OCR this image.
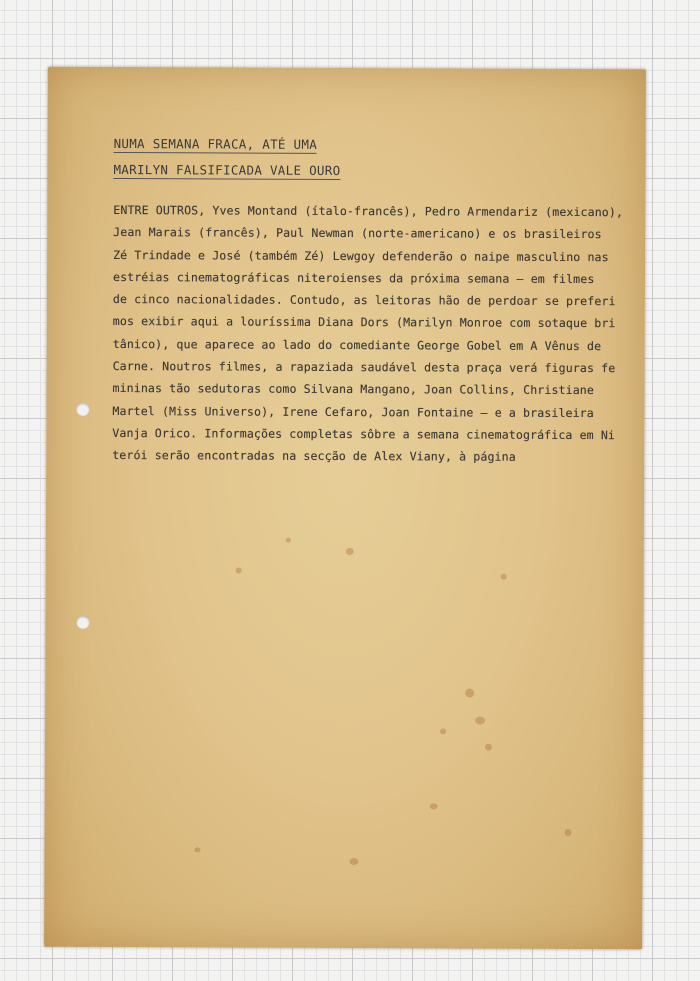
NUMA SEMANA FRACA, ATÉ UMA
MARILYN FALSIFICADA VALE OURO
ENTRE OUTROS, Yves Montand (ítalo-francês), Pedro Armendariz (mexicano),
Jean Marais (francês), Paul Newman (norte-americano) e os brasileiros
Zé Trindade e José (também Zé) Lewgoy defenderão o naipe masculino nas
estréias cinematográficas niteroienses da próxima semana — em filmes
de cinco nacionalidades. Contudo, as leitoras hão de perdoar se preferi
mos exibir aqui a louríssima Diana Dors (Marilyn Monroe com sotaque bri
tânico), que aparece ao lado do comediante George Gobel em A Vênus de
Carne. Noutros filmes, a rapaziada saudável desta praça verá figuras fe
mininas tão sedutoras como Silvana Mangano, Joan Collins, Christiane
Martel (Miss Universo), Irene Cefaro, Joan Fontaine — e a brasileira
Vanja Orico. Informações completas sôbre a semana cinematográfica em Ni
terói serão encontradas na secção de Alex Viany, à página
